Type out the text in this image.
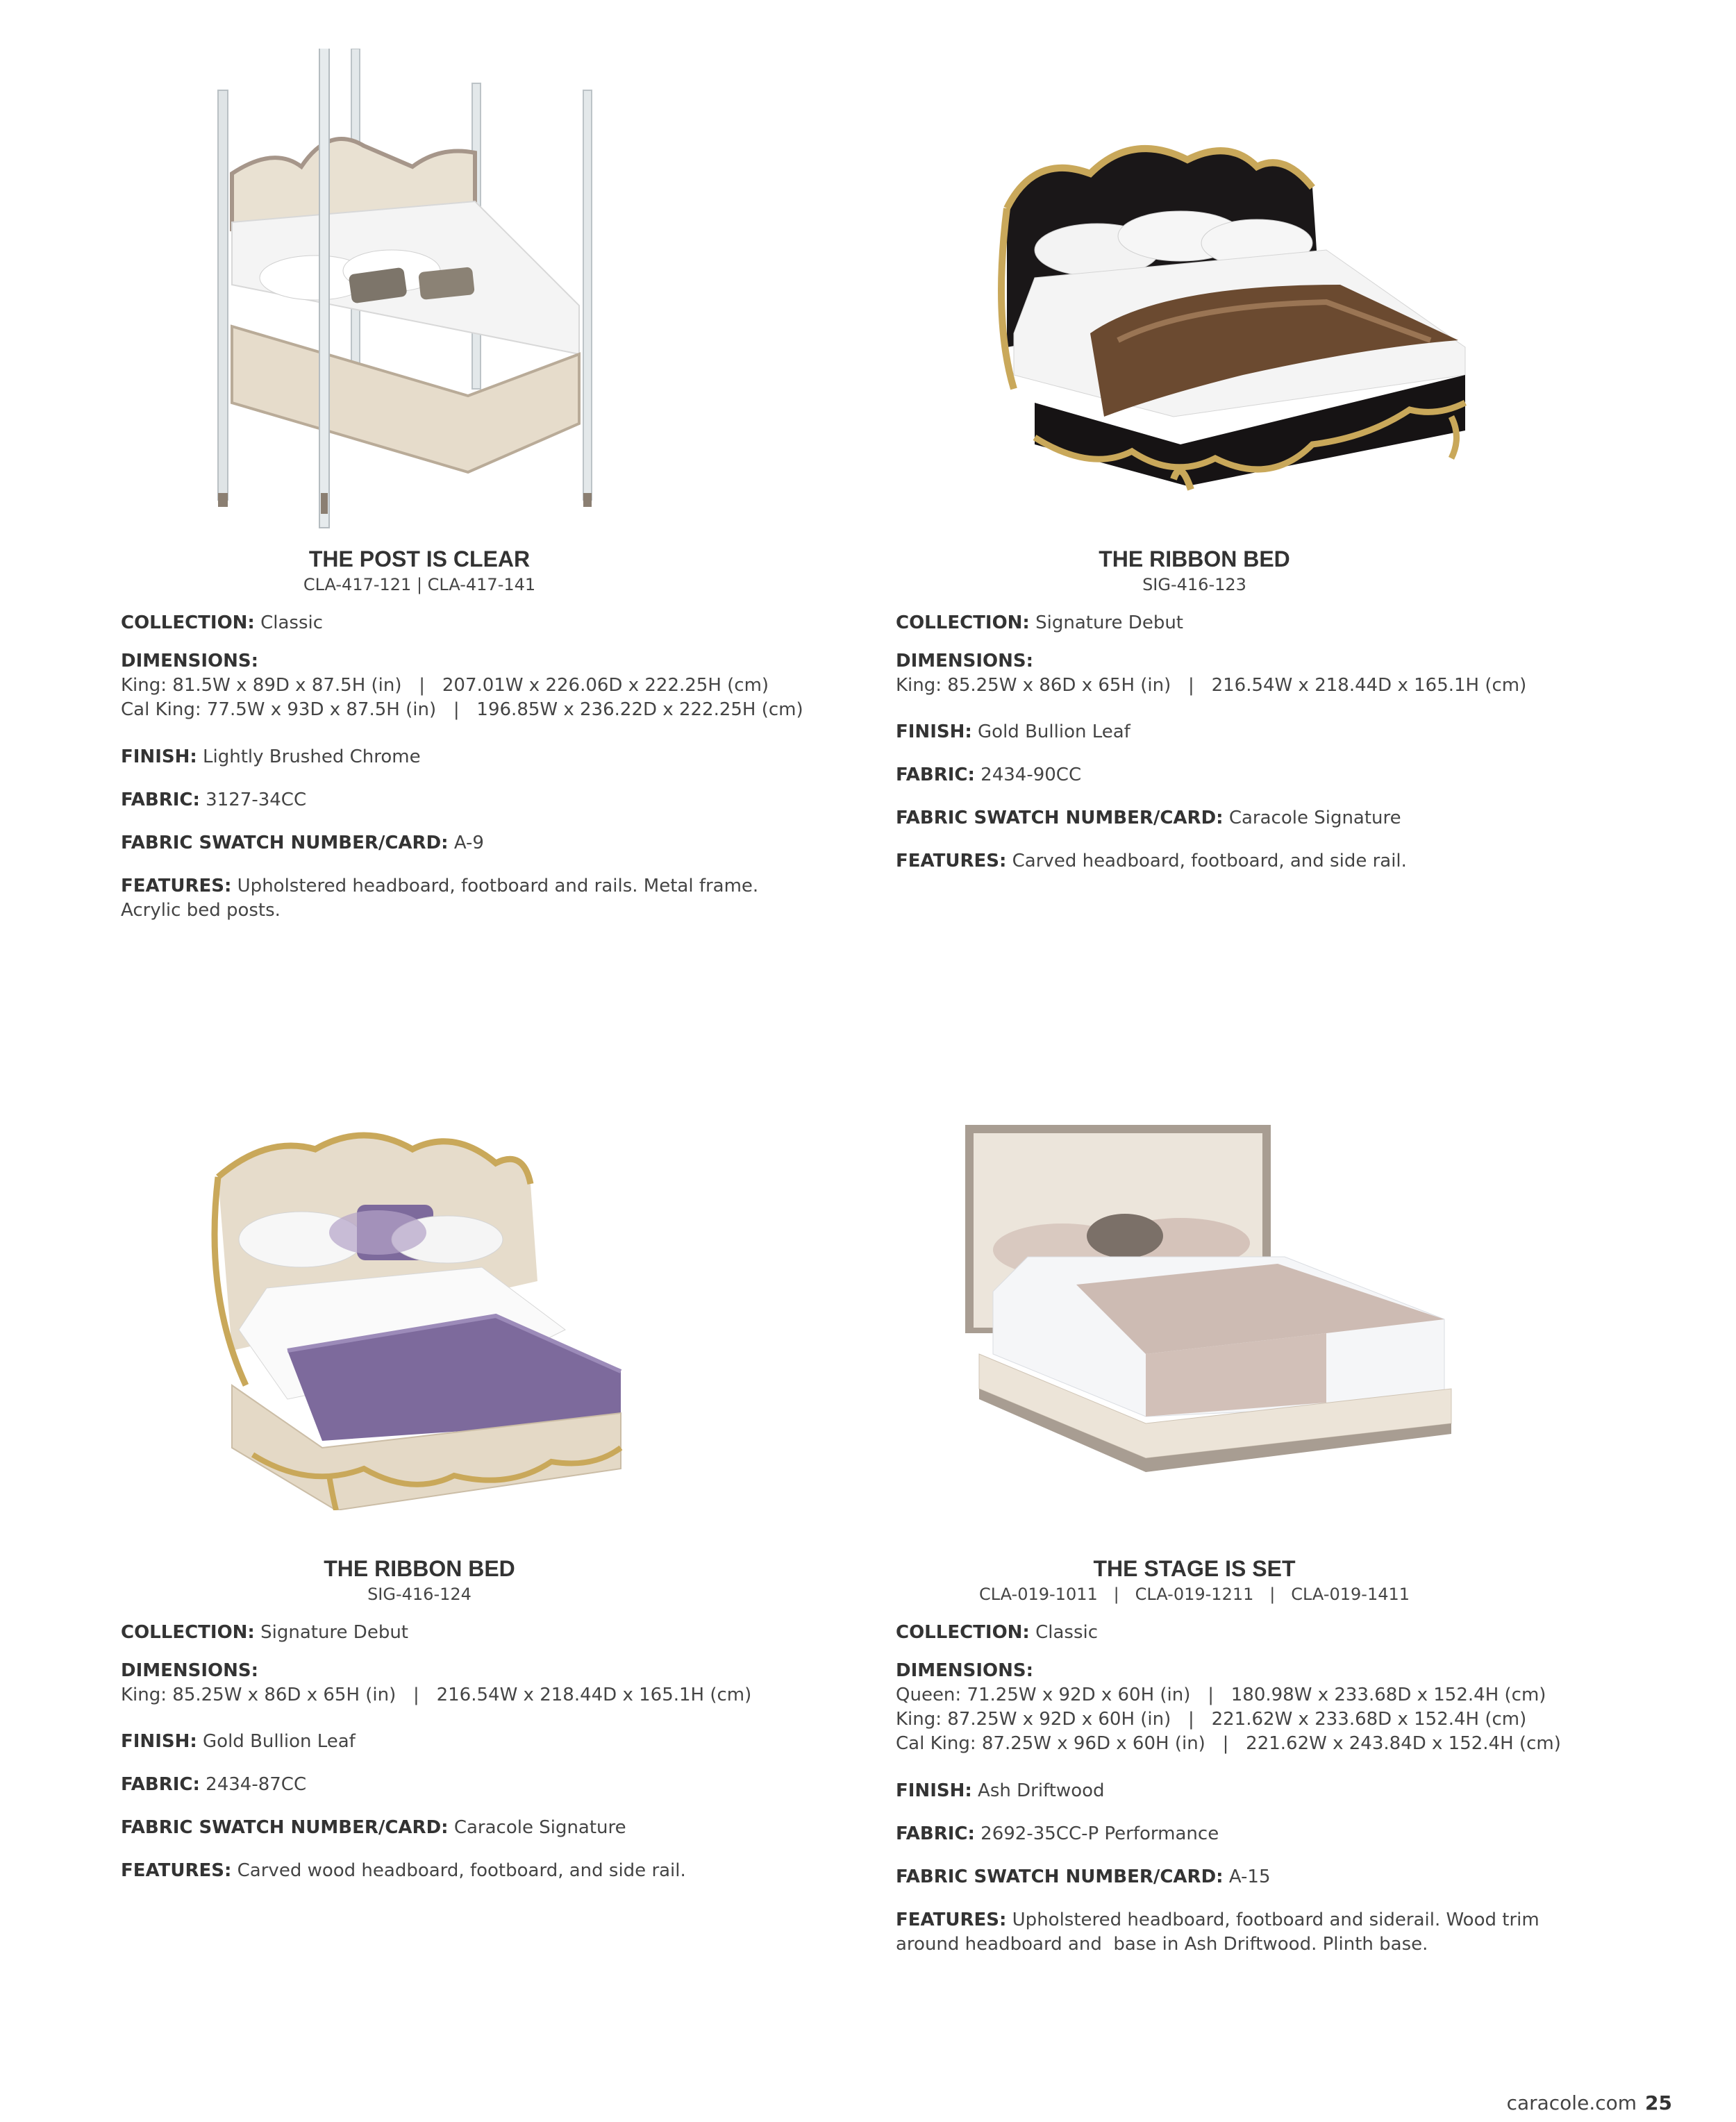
THE POST IS CLEAR
CLA-417-121 | CLA-417-141
COLLECTION: Classic
DIMENSIONS:
King: 81.5W x 89D x 87.5H (in)   |   207.01W x 226.06D x 222.25H (cm)
Cal King: 77.5W x 93D x 87.5H (in)   |   196.85W x 236.22D x 222.25H (cm)
FINISH: Lightly Brushed Chrome
FABRIC: 3127-34CC
FABRIC SWATCH NUMBER/CARD: A-9
FEATURES: Upholstered headboard, footboard and rails. Metal frame.
Acrylic bed posts.
THE RIBBON BED
SIG-416-123
COLLECTION: Signature Debut
DIMENSIONS:
King: 85.25W x 86D x 65H (in)   |   216.54W x 218.44D x 165.1H (cm)
FINISH: Gold Bullion Leaf
FABRIC: 2434-90CC
FABRIC SWATCH NUMBER/CARD: Caracole Signature
FEATURES: Carved headboard, footboard, and side rail.
THE RIBBON BED
SIG-416-124
COLLECTION: Signature Debut
DIMENSIONS:
King: 85.25W x 86D x 65H (in)   |   216.54W x 218.44D x 165.1H (cm)
FINISH: Gold Bullion Leaf
FABRIC: 2434-87CC
FABRIC SWATCH NUMBER/CARD: Caracole Signature
FEATURES: Carved wood headboard, footboard, and side rail.
THE STAGE IS SET
CLA-019-1011   |   CLA-019-1211   |   CLA-019-1411
COLLECTION: Classic
DIMENSIONS:
Queen: 71.25W x 92D x 60H (in)   |   180.98W x 233.68D x 152.4H (cm)
King: 87.25W x 92D x 60H (in)   |   221.62W x 233.68D x 152.4H (cm)
Cal King: 87.25W x 96D x 60H (in)   |   221.62W x 243.84D x 152.4H (cm)
FINISH: Ash Driftwood
FABRIC: 2692-35CC-P Performance
FABRIC SWATCH NUMBER/CARD: A-15
FEATURES: Upholstered headboard, footboard and siderail. Wood trim
around headboard and  base in Ash Driftwood. Plinth base.
caracole.com 25
